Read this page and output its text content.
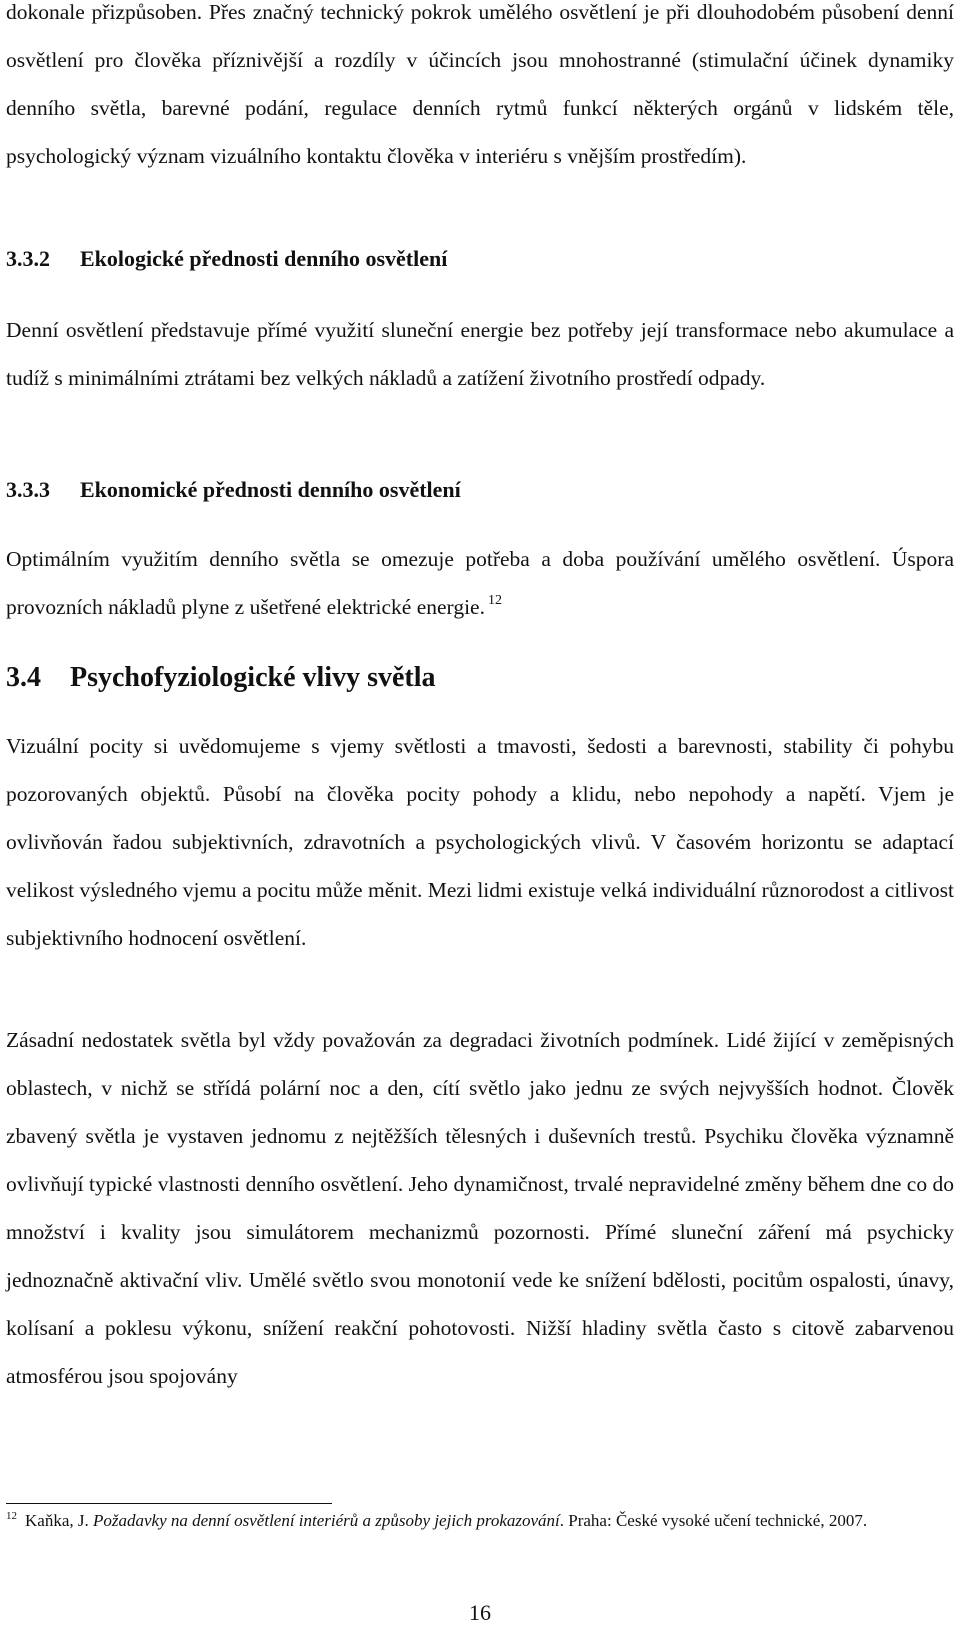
dokonale přizpůsoben. Přes značný technický pokrok umělého osvětlení je při dlouhodobém působení denní osvětlení pro člověka příznivější a rozdíly v účincích jsou mnohostranné (stimulační účinek dynamiky denního světla, barevné podání, regulace denních rytmů funkcí některých orgánů v lidském těle, psychologický význam vizuálního kontaktu člověka v interiéru s vnějším prostředím).

3.3.2 Ekologické přednosti denního osvětlení

Denní osvětlení představuje přímé využití sluneční energie bez potřeby její transformace nebo akumulace a tudíž s minimálními ztrátami bez velkých nákladů a zatížení životního prostředí odpady.

3.3.3 Ekonomické přednosti denního osvětlení

Optimálním využitím denního světla se omezuje potřeba a doba používání umělého osvětlení. Úspora provozních nákladů plyne z ušetřené elektrické energie. $^{12}$

3.4 Psychofyziologické vlivy světla

Vizuální pocity si uvědomujeme s vjemy světlosti a tmavosti, šedosti a barevnosti, stability či pohybu pozorovaných objektů. Působí na člověka pocity pohody a klidu, nebo nepohody a napětí. Vjem je ovlivňován řadou subjektivních, zdravotních a psychologických vlivů. V časovém horizontu se adaptací velikost výsledného vjemu a pocitu může měnit. Mezi lidmi existuje velká individuální různorodost a citlivost subjektivního hodnocení osvětlení.

Zásadní nedostatek světla byl vždy považován za degradaci životních podmínek. Lidé žijící v zeměpisných oblastech, v nichž se střídá polární noc a den, cítí světlo jako jednu ze svých nejvyšších hodnot. Člověk zbavený světla je vystaven jednomu z nejtěžších tělesných i duševních trestů. Psychiku člověka významně ovlivňují typické vlastnosti denního osvětlení. Jeho dynamičnost, trvalé nepravidelné změny během dne co do množství i kvality jsou simulátorem mechanizmů pozornosti. Přímé sluneční záření má psychicky jednoznačně aktivační vliv. Umělé světlo svou monotonií vede ke snížení bdělosti, pocitům ospalosti, únavy, kolísaní a poklesu výkonu, snížení reakční pohotovosti. Nižší hladiny světla často s citově zabarvenou atmosférou jsou spojovány

$^{12}$ Kaňka, J. Požadavky na denní osvětlení interiérů a způsoby jejich prokazování. Praha: České vysoké učení technické, 2007.

16
